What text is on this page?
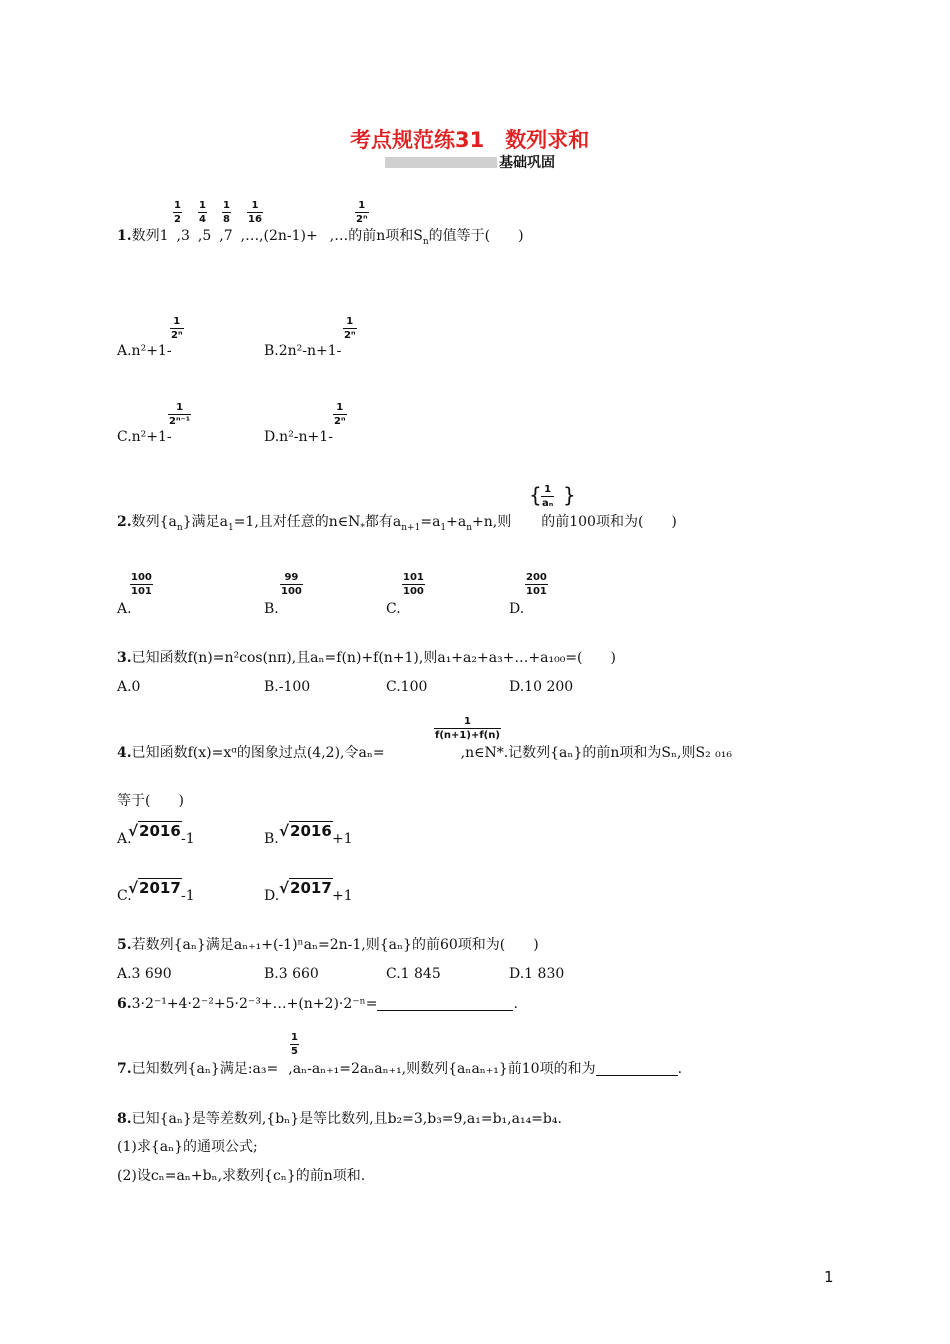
考点规范练31　数列求和
基础巩固
$\frac{1}{2} \frac{1}{4} \frac{1}{8} \frac{1}{16}$	$\frac{1}{\text{2ⁿ}}$
1.数列1 ,3 ,5 ,7 ,…,(2n-1)+ ,…的前n项和$S_n$的值等于(　　)
$\frac{1}{\text{2ⁿ}}$
A.n²+1-
$\frac{1}{\text{2ⁿ}}$
B.2n²-n+1-
$\frac{1}{\text{2ⁿ⁻¹}}$
C.n²+1-
$\frac{1}{\text{2ⁿ}}$
D.n²-n+1-
{ $\frac{1}{\text{aₙ}}$ }
2.数列$\{a_n\}$满足$a_1=1$,且对任意的$n\in N_*$都有$a_{n+1}=a_1+a_n+n$,则 的前100项和为(　　)
$\frac{100}{101}$
A.
$\frac{99}{100}$
B.
$\frac{101}{100}$
C.
$\frac{200}{101}$
D.
3.已知函数f(n)=n²cos(nπ),且aₙ=f(n)+f(n+1),则a₁+a₂+a₃+…+a₁₀₀=(　　)
A.0	B.-100	C.100	D.10 200
$\frac{1}{f(n+1)+f(n)}$
4.已知函数f(x)=xᵅ的图象过点(4,2),令aₙ=	,n∈N*.记数列{aₙ}的前n项和为Sₙ,则S₂ ₀₁₆
等于(　　)
A.
√2016 -1	B. √2016 +1
C.
√2017 -1	D. √2017 +1
5.若数列{aₙ}满足aₙ₊₁+(-1)ⁿaₙ=2n-1,则{aₙ}的前60项和为(　　)
A.3 690	B.3 660	C.1 845	D.1 830
6.3·2⁻¹+4·2⁻²+5·2⁻³+…+(n+2)·2⁻ⁿ=	.
$\frac{1}{5}$
7.已知数列{aₙ}满足:a₃= ,aₙ-aₙ₊₁=2aₙaₙ₊₁,则数列{aₙaₙ₊₁}前10项的和为	.
8.已知{aₙ}是等差数列,{bₙ}是等比数列,且b₂=3,b₃=9,a₁=b₁,a₁₄=b₄.
(1)求{aₙ}的通项公式;
(2)设cₙ=aₙ+bₙ,求数列{cₙ}的前n项和.
1
